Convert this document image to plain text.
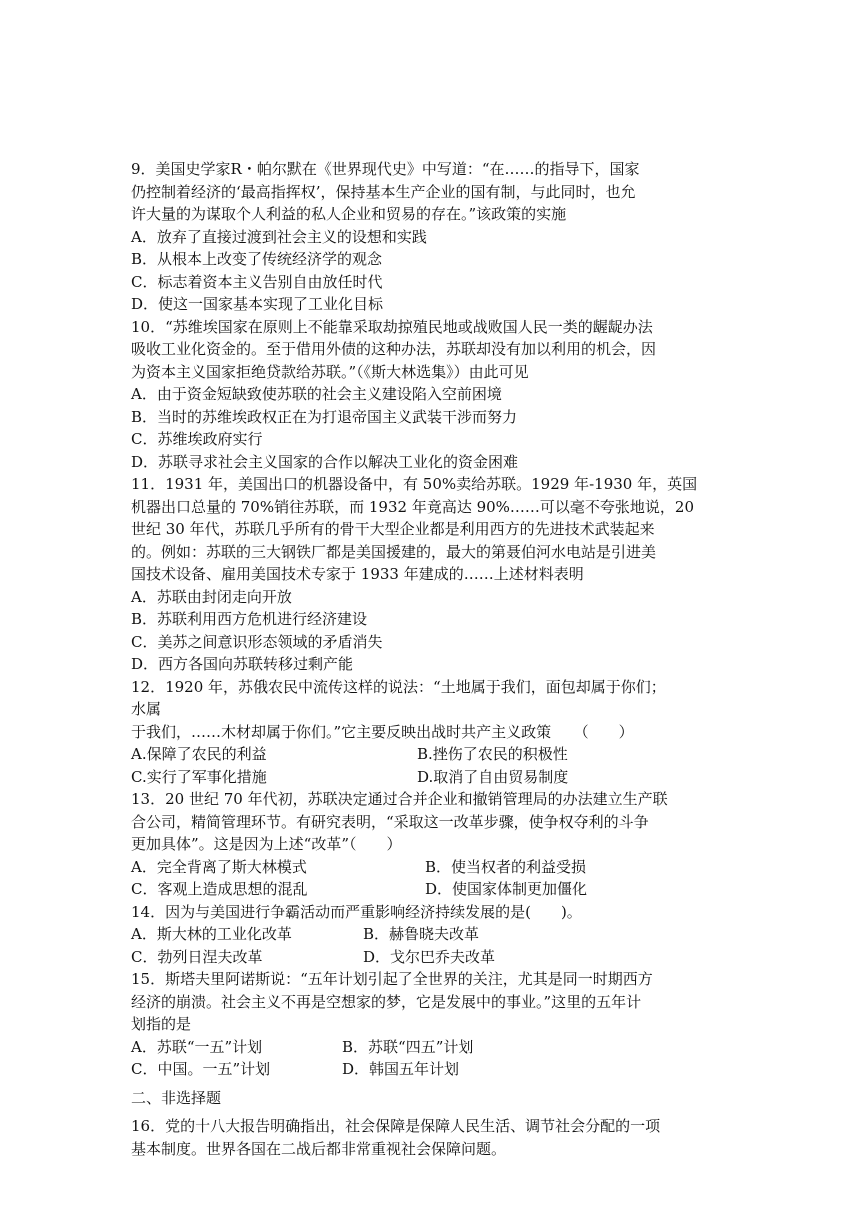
9．美国史学家R・帕尔默在《世界现代史》中写道：“在……的指导下，国家
仍控制着经济的‘最高指挥权’，保持基本生产企业的国有制，与此同时，也允
许大量的为谋取个人利益的私人企业和贸易的存在。”该政策的实施
A．放弃了直接过渡到社会主义的设想和实践
B．从根本上改变了传统经济学的观念
C．标志着资本主义告别自由放任时代
D．使这一国家基本实现了工业化目标
10．“苏维埃国家在原则上不能靠采取劫掠殖民地或战败国人民一类的龌龊办法
吸收工业化资金的。至于借用外债的这种办法，苏联却没有加以利用的机会，因
为资本主义国家拒绝贷款给苏联。”（《斯大林选集》）由此可见
A．由于资金短缺致使苏联的社会主义建设陷入空前困境
B．当时的苏维埃政权正在为打退帝国主义武装干涉而努力
C．苏维埃政府实行
D．苏联寻求社会主义国家的合作以解决工业化的资金困难
11．1931 年，美国出口的机器设备中，有 50%卖给苏联。1929 年-1930 年，英国
机器出口总量的 70%销往苏联，而 1932 年竟高达 90%……可以毫不夸张地说，20
世纪 30 年代，苏联几乎所有的骨干大型企业都是利用西方的先进技术武装起来
的。例如：苏联的三大钢铁厂都是美国援建的，最大的第聂伯河水电站是引进美
国技术设备、雇用美国技术专家于 1933 年建成的……上述材料表明
A．苏联由封闭走向开放
B．苏联利用西方危机进行经济建设
C．美苏之间意识形态领域的矛盾消失
D．西方各国向苏联转移过剩产能
12．1920 年，苏俄农民中流传这样的说法：“土地属于我们，面包却属于你们；
水属
于我们，……木材却属于你们。”它主要反映出战时共产主义政策　　（　　）
A.保障了农民的利益	B.挫伤了农民的积极性
C.实行了军事化措施	D.取消了自由贸易制度
13．20 世纪 70 年代初，苏联决定通过合并企业和撤销管理局的办法建立生产联
合公司，精简管理环节。有研究表明，“采取这一改革步骤，使争权夺利的斗争
更加具体”。这是因为上述“改革”（　　）
A．完全背离了斯大林模式	B．使当权者的利益受损
C．客观上造成思想的混乱	D．使国家体制更加僵化
14．因为与美国进行争霸活动而严重影响经济持续发展的是(　　)。
A．斯大林的工业化改革	B．赫鲁晓夫改革
C．勃列日涅夫改革	D．戈尔巴乔夫改革
15．斯塔夫里阿诺斯说：“五年计划引起了全世界的关注，尤其是同一时期西方
经济的崩溃。社会主义不再是空想家的梦，它是发展中的事业。”这里的五年计
划指的是
A．苏联“一五”计划	B．苏联“四五”计划
C．中国。一五”计划	D．韩国五年计划
二、非选择题
16．党的十八大报告明确指出，社会保障是保障人民生活、调节社会分配的一项
基本制度。世界各国在二战后都非常重视社会保障问题。
